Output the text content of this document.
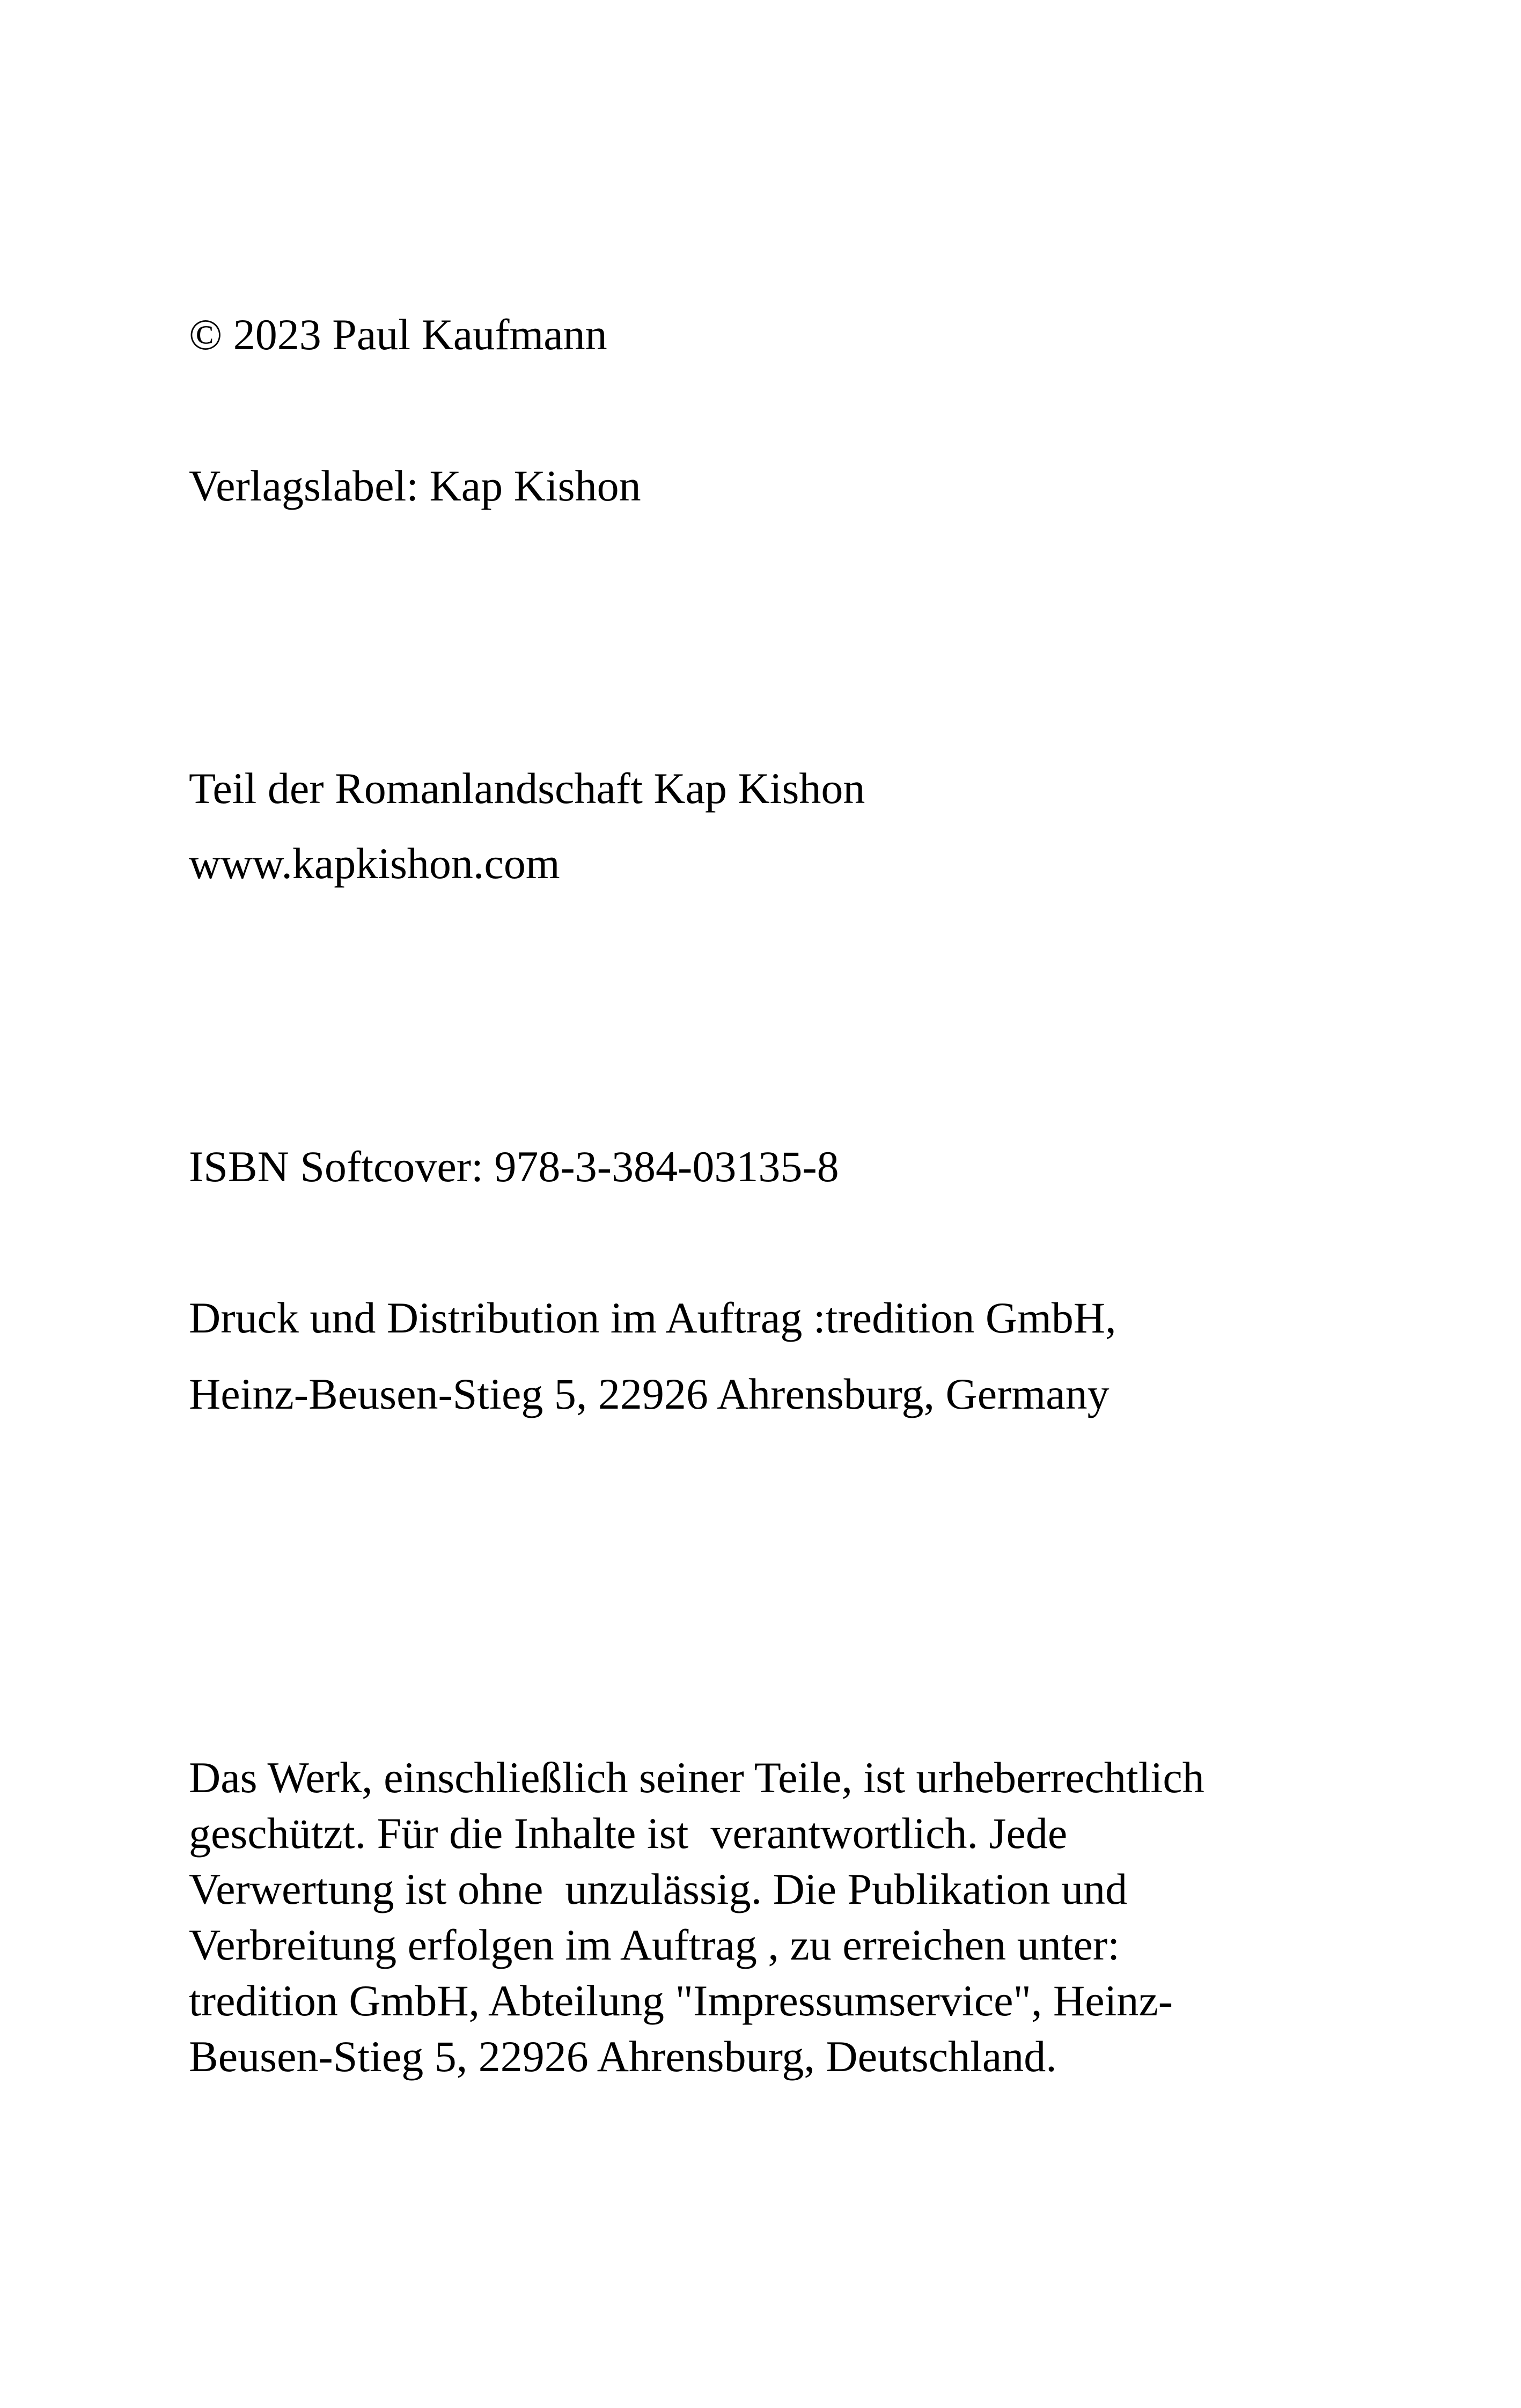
© 2023 Paul Kaufmann

Verlagslabel: Kap Kishon

Teil der Romanlandschaft Kap Kishon

www.kapkishon.com

ISBN Softcover: 978-3-384-03135-8

Druck und Distribution im Auftrag :tredition GmbH,

Heinz-Beusen-Stieg 5, 22926 Ahrensburg, Germany

Das Werk, einschließlich seiner Teile, ist urheberrechtlich
geschützt. Für die Inhalte ist  verantwortlich. Jede
Verwertung ist ohne  unzulässig. Die Publikation und
Verbreitung erfolgen im Auftrag , zu erreichen unter:
tredition GmbH, Abteilung "Impressumservice", Heinz-
Beusen-Stieg 5, 22926 Ahrensburg, Deutschland.
